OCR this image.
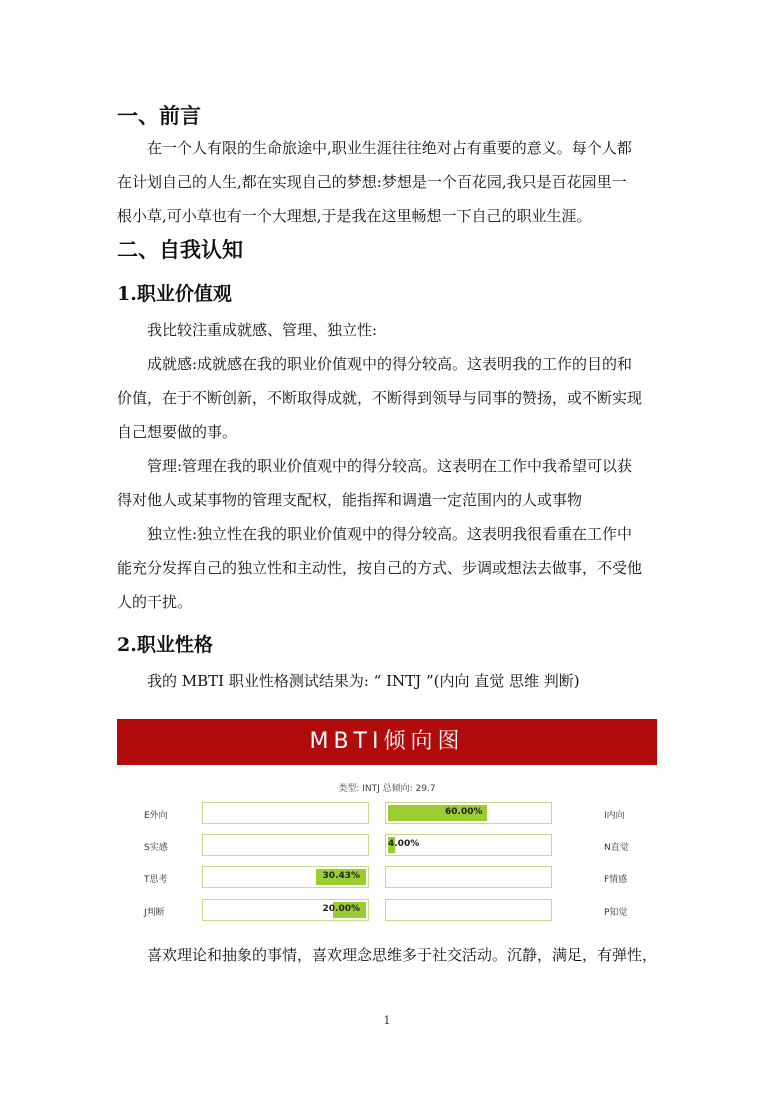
一、前言
在一个人有限的生命旅途中,职业生涯往往绝对占有重要的意义。每个人都
在计划自己的人生,都在实现自己的梦想:梦想是一个百花园,我只是百花园里一
根小草,可小草也有一个大理想,于是我在这里畅想一下自己的职业生涯。
二、自我认知
1.职业价值观
我比较注重成就感、管理、独立性:
成就感:成就感在我的职业价值观中的得分较高。这表明我的工作的目的和
价值，在于不断创新，不断取得成就，不断得到领导与同事的赞扬，或不断实现
自己想要做的事。
管理:管理在我的职业价值观中的得分较高。这表明在工作中我希望可以获
得对他人或某事物的管理支配权，能指挥和调遣一定范围内的人或事物
独立性:独立性在我的职业价值观中的得分较高。这表明我很看重在工作中
能充分发挥自己的独立性和主动性，按自己的方式、步调或想法去做事，不受他
人的干扰。
2.职业性格
我的 MBTI 职业性格测试结果为: “ INTJ ”(内向 直觉 思维 判断)
MBTI倾向图
类型: INTJ 总倾向: 29.7
E外向	60.00%	I内向
S实感	4.00%	N直觉
T思考	30.43%	F情感
J判断	20.00%	P知觉
喜欢理论和抽象的事情，喜欢理念思维多于社交活动。沉静，满足，有弹性，
1
